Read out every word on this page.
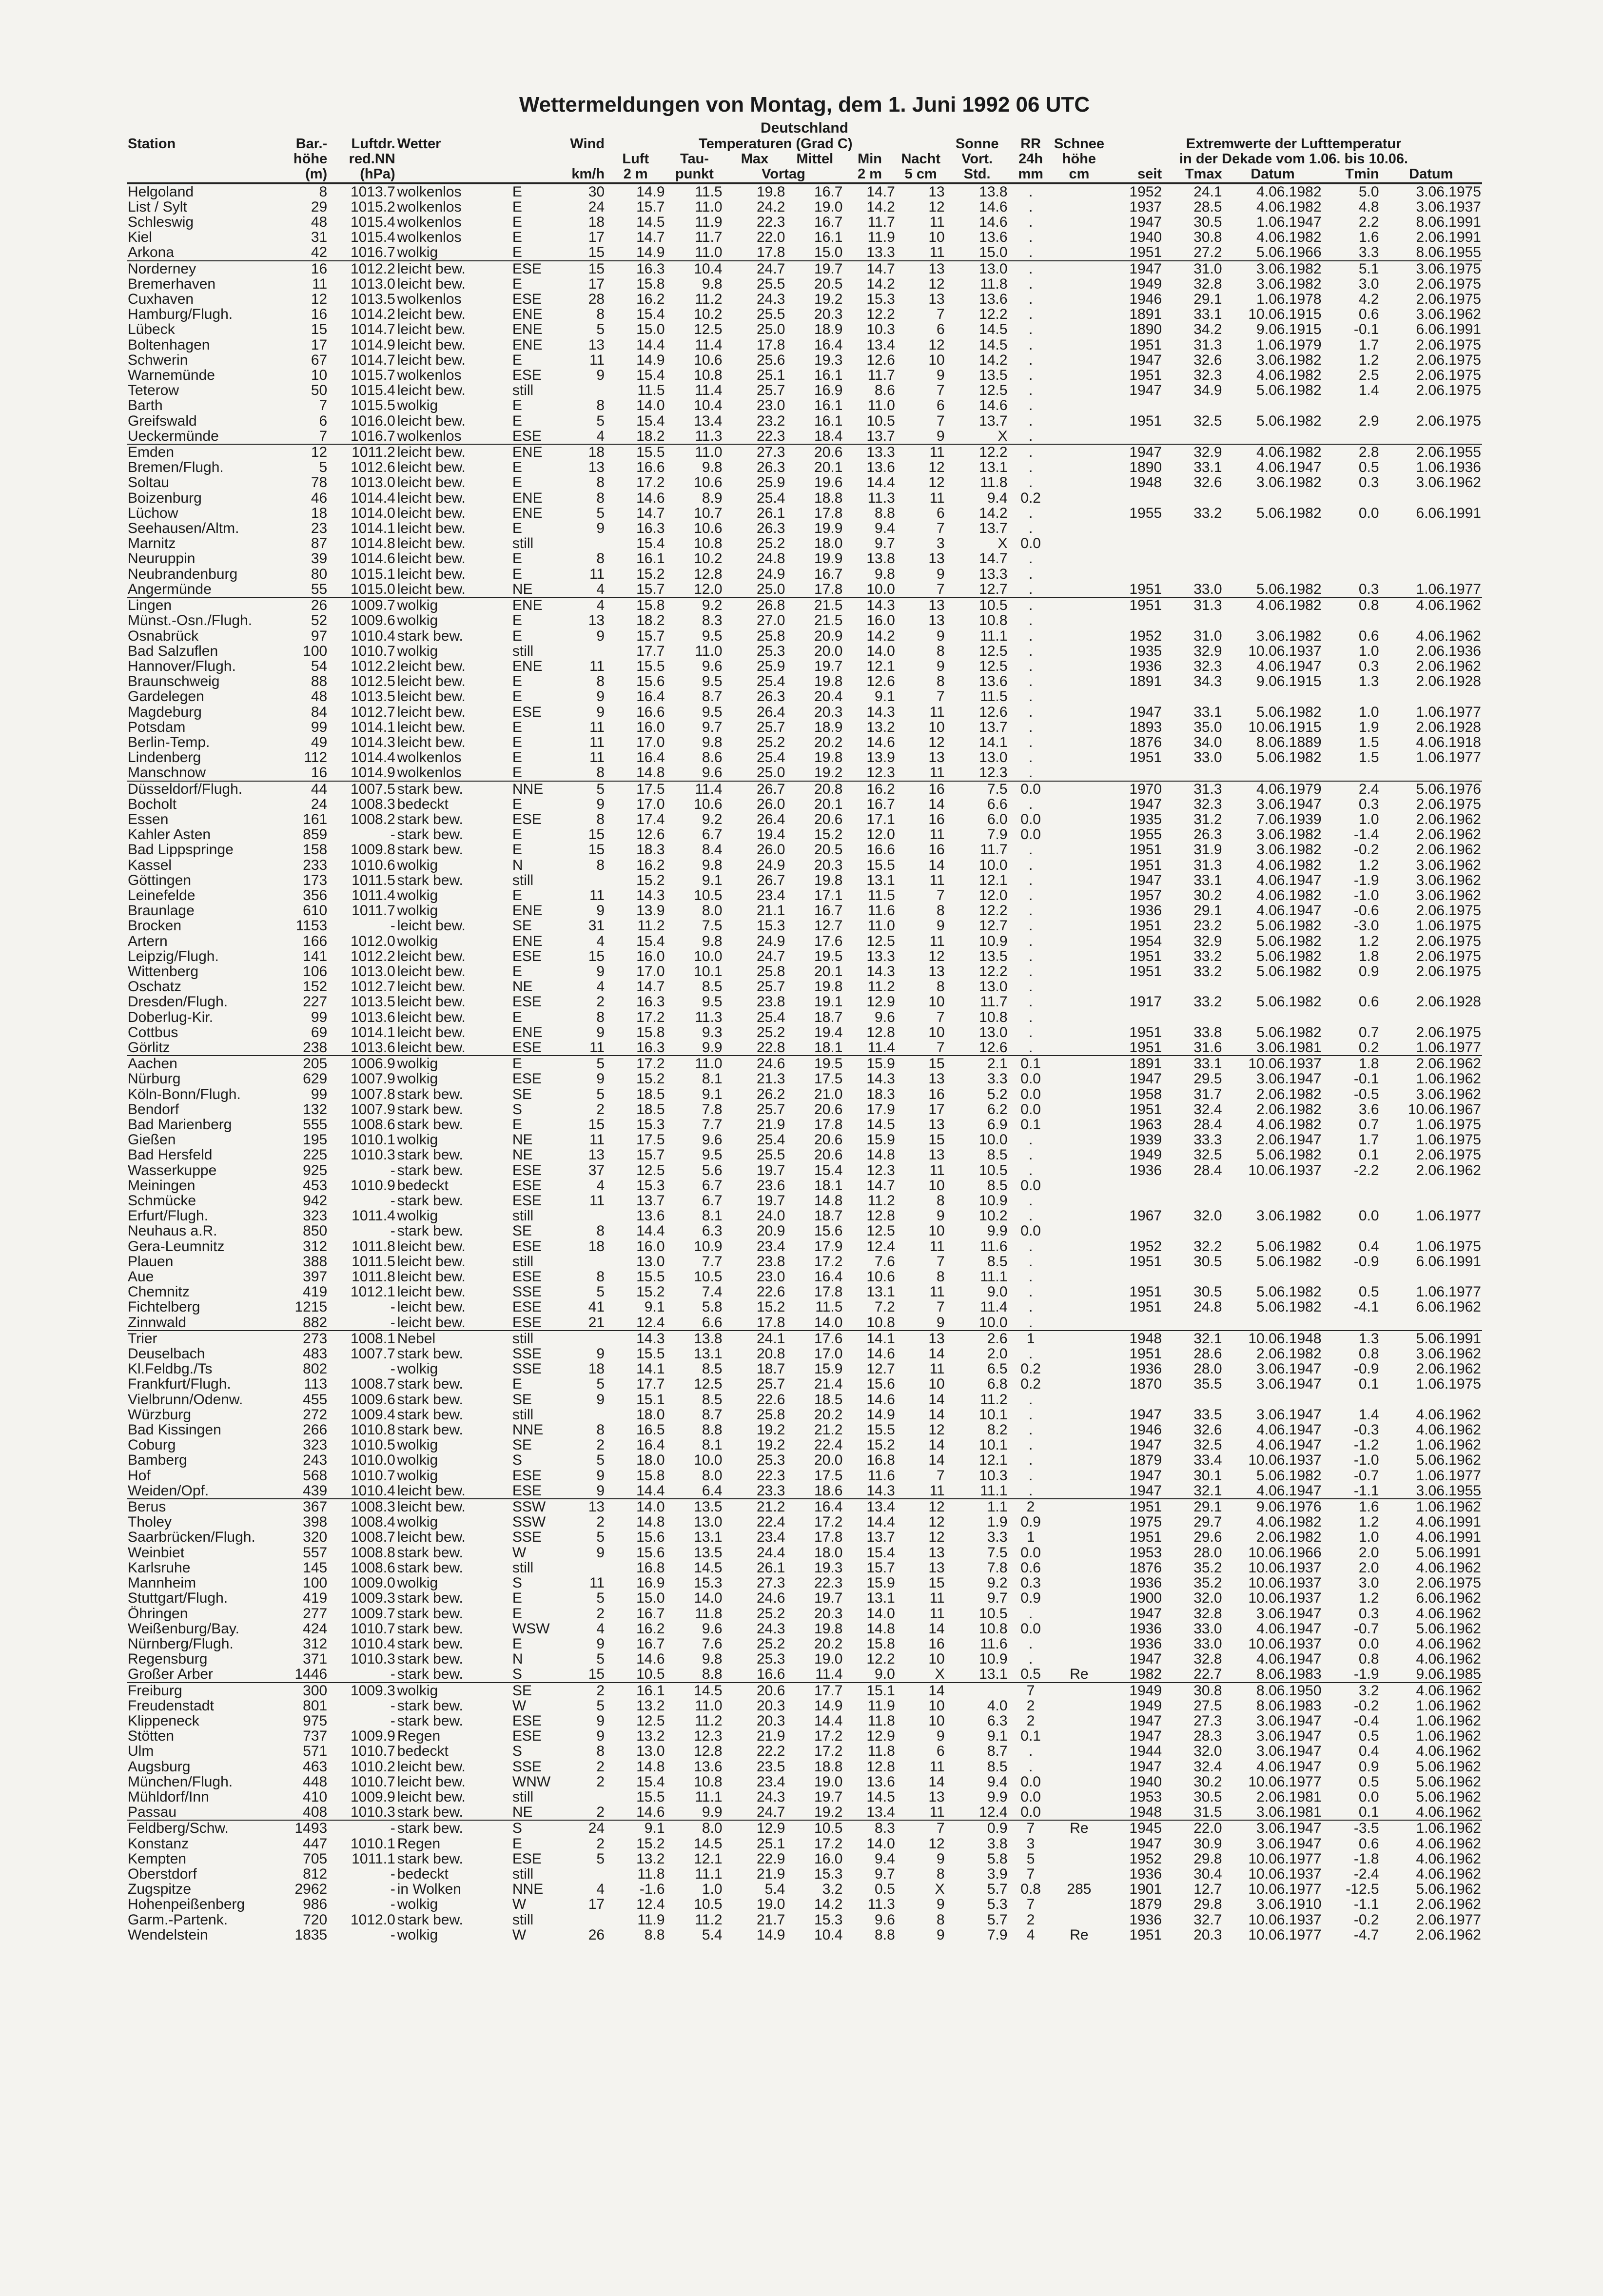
Wettermeldungen von Montag, dem 1. Juni 1992 06 UTC
Deutschland
Station	Bar.-	Luftdr.	Wetter	Wind		Temperaturen (Grad C)						Sonne	RR	Schnee	Extremwerte der Lufttemperatur				
	höhe	red.NN				Luft	Tau-	Max	Mittel	Min	Nacht	Vort.	24h	höhe	in der Dekade vom 1.06. bis 10.06.				
	(m)	(hPa)			km/h	2 m	punkt	Vortag		2 m	5 cm	Std.	mm	cm	seit	Tmax	Datum	Tmin	Datum
Helgoland	8	1013.7	wolkenlos	E	30	14.9	11.5	19.8	16.7	14.7	13	13.8	.		1952	24.1	4.06.1982	5.0	3.06.1975
List / Sylt	29	1015.2	wolkenlos	E	24	15.7	11.0	24.2	19.0	14.2	12	14.6	.		1937	28.5	4.06.1982	4.8	3.06.1937
Schleswig	48	1015.4	wolkenlos	E	18	14.5	11.9	22.3	16.7	11.7	11	14.6	.		1947	30.5	1.06.1947	2.2	8.06.1991
Kiel	31	1015.4	wolkenlos	E	17	14.7	11.7	22.0	16.1	11.9	10	13.6	.		1940	30.8	4.06.1982	1.6	2.06.1991
Arkona	42	1016.7	wolkig	E	15	14.9	11.0	17.8	15.0	13.3	11	15.0	.		1951	27.2	5.06.1966	3.3	8.06.1955
Norderney	16	1012.2	leicht bew.	ESE	15	16.3	10.4	24.7	19.7	14.7	13	13.0	.		1947	31.0	3.06.1982	5.1	3.06.1975
Bremerhaven	11	1013.0	leicht bew.	E	17	15.8	9.8	25.5	20.5	14.2	12	11.8	.		1949	32.8	3.06.1982	3.0	2.06.1975
Cuxhaven	12	1013.5	wolkenlos	ESE	28	16.2	11.2	24.3	19.2	15.3	13	13.6	.		1946	29.1	1.06.1978	4.2	2.06.1975
Hamburg/Flugh.	16	1014.2	leicht bew.	ENE	8	15.4	10.2	25.5	20.3	12.2	7	12.2	.		1891	33.1	10.06.1915	0.6	3.06.1962
Lübeck	15	1014.7	leicht bew.	ENE	5	15.0	12.5	25.0	18.9	10.3	6	14.5	.		1890	34.2	9.06.1915	-0.1	6.06.1991
Boltenhagen	17	1014.9	leicht bew.	ENE	13	14.4	11.4	17.8	16.4	13.4	12	14.5	.		1951	31.3	1.06.1979	1.7	2.06.1975
Schwerin	67	1014.7	leicht bew.	E	11	14.9	10.6	25.6	19.3	12.6	10	14.2	.		1947	32.6	3.06.1982	1.2	2.06.1975
Warnemünde	10	1015.7	wolkenlos	ESE	9	15.4	10.8	25.1	16.1	11.7	9	13.5	.		1951	32.3	4.06.1982	2.5	2.06.1975
Teterow	50	1015.4	leicht bew.	still		11.5	11.4	25.7	16.9	8.6	7	12.5	.		1947	34.9	5.06.1982	1.4	2.06.1975
Barth	7	1015.5	wolkig	E	8	14.0	10.4	23.0	16.1	11.0	6	14.6	.						
Greifswald	6	1016.0	leicht bew.	E	5	15.4	13.4	23.2	16.1	10.5	7	13.7	.		1951	32.5	5.06.1982	2.9	2.06.1975
Ueckermünde	7	1016.7	wolkenlos	ESE	4	18.2	11.3	22.3	18.4	13.7	9	X	.						
Emden	12	1011.2	leicht bew.	ENE	18	15.5	11.0	27.3	20.6	13.3	11	12.2	.		1947	32.9	4.06.1982	2.8	2.06.1955
Bremen/Flugh.	5	1012.6	leicht bew.	E	13	16.6	9.8	26.3	20.1	13.6	12	13.1	.		1890	33.1	4.06.1947	0.5	1.06.1936
Soltau	78	1013.0	leicht bew.	E	8	17.2	10.6	25.9	19.6	14.4	12	11.8	.		1948	32.6	3.06.1982	0.3	3.06.1962
Boizenburg	46	1014.4	leicht bew.	ENE	8	14.6	8.9	25.4	18.8	11.3	11	9.4	0.2						
Lüchow	18	1014.0	leicht bew.	ENE	5	14.7	10.7	26.1	17.8	8.8	6	14.2	.		1955	33.2	5.06.1982	0.0	6.06.1991
Seehausen/Altm.	23	1014.1	leicht bew.	E	9	16.3	10.6	26.3	19.9	9.4	7	13.7	.						
Marnitz	87	1014.8	leicht bew.	still		15.4	10.8	25.2	18.0	9.7	3	X	0.0						
Neuruppin	39	1014.6	leicht bew.	E	8	16.1	10.2	24.8	19.9	13.8	13	14.7	.						
Neubrandenburg	80	1015.1	leicht bew.	E	11	15.2	12.8	24.9	16.7	9.8	9	13.3	.						
Angermünde	55	1015.0	leicht bew.	NE	4	15.7	12.0	25.0	17.8	10.0	7	12.7	.		1951	33.0	5.06.1982	0.3	1.06.1977
Lingen	26	1009.7	wolkig	ENE	4	15.8	9.2	26.8	21.5	14.3	13	10.5	.		1951	31.3	4.06.1982	0.8	4.06.1962
Münst.-Osn./Flugh.	52	1009.6	wolkig	E	13	18.2	8.3	27.0	21.5	16.0	13	10.8	.						
Osnabrück	97	1010.4	stark bew.	E	9	15.7	9.5	25.8	20.9	14.2	9	11.1	.		1952	31.0	3.06.1982	0.6	4.06.1962
Bad Salzuflen	100	1010.7	wolkig	still		17.7	11.0	25.3	20.0	14.0	8	12.5	.		1935	32.9	10.06.1937	1.0	2.06.1936
Hannover/Flugh.	54	1012.2	leicht bew.	ENE	11	15.5	9.6	25.9	19.7	12.1	9	12.5	.		1936	32.3	4.06.1947	0.3	2.06.1962
Braunschweig	88	1012.5	leicht bew.	E	8	15.6	9.5	25.4	19.8	12.6	8	13.6	.		1891	34.3	9.06.1915	1.3	2.06.1928
Gardelegen	48	1013.5	leicht bew.	E	9	16.4	8.7	26.3	20.4	9.1	7	11.5	.						
Magdeburg	84	1012.7	leicht bew.	ESE	9	16.6	9.5	26.4	20.3	14.3	11	12.6	.		1947	33.1	5.06.1982	1.0	1.06.1977
Potsdam	99	1014.1	leicht bew.	E	11	16.0	9.7	25.7	18.9	13.2	10	13.7	.		1893	35.0	10.06.1915	1.9	2.06.1928
Berlin-Temp.	49	1014.3	leicht bew.	E	11	17.0	9.8	25.2	20.2	14.6	12	14.1	.		1876	34.0	8.06.1889	1.5	4.06.1918
Lindenberg	112	1014.4	wolkenlos	E	11	16.4	8.6	25.4	19.8	13.9	13	13.0	.		1951	33.0	5.06.1982	1.5	1.06.1977
Manschnow	16	1014.9	wolkenlos	E	8	14.8	9.6	25.0	19.2	12.3	11	12.3	.						
Düsseldorf/Flugh.	44	1007.5	stark bew.	NNE	5	17.5	11.4	26.7	20.8	16.2	16	7.5	0.0		1970	31.3	4.06.1979	2.4	5.06.1976
Bocholt	24	1008.3	bedeckt	E	9	17.0	10.6	26.0	20.1	16.7	14	6.6	.		1947	32.3	3.06.1947	0.3	2.06.1975
Essen	161	1008.2	stark bew.	ESE	8	17.4	9.2	26.4	20.6	17.1	16	6.0	0.0		1935	31.2	7.06.1939	1.0	2.06.1962
Kahler Asten	859	-	stark bew.	E	15	12.6	6.7	19.4	15.2	12.0	11	7.9	0.0		1955	26.3	3.06.1982	-1.4	2.06.1962
Bad Lippspringe	158	1009.8	stark bew.	E	15	18.3	8.4	26.0	20.5	16.6	16	11.7	.		1951	31.9	3.06.1982	-0.2	2.06.1962
Kassel	233	1010.6	wolkig	N	8	16.2	9.8	24.9	20.3	15.5	14	10.0	.		1951	31.3	4.06.1982	1.2	3.06.1962
Göttingen	173	1011.5	stark bew.	still		15.2	9.1	26.7	19.8	13.1	11	12.1	.		1947	33.1	4.06.1947	-1.9	3.06.1962
Leinefelde	356	1011.4	wolkig	E	11	14.3	10.5	23.4	17.1	11.5	7	12.0	.		1957	30.2	4.06.1982	-1.0	3.06.1962
Braunlage	610	1011.7	wolkig	ENE	9	13.9	8.0	21.1	16.7	11.6	8	12.2	.		1936	29.1	4.06.1947	-0.6	2.06.1975
Brocken	1153	-	leicht bew.	SE	31	11.2	7.5	15.3	12.7	11.0	9	12.7	.		1951	23.2	5.06.1982	-3.0	1.06.1975
Artern	166	1012.0	wolkig	ENE	4	15.4	9.8	24.9	17.6	12.5	11	10.9	.		1954	32.9	5.06.1982	1.2	2.06.1975
Leipzig/Flugh.	141	1012.2	leicht bew.	ESE	15	16.0	10.0	24.7	19.5	13.3	12	13.5	.		1951	33.2	5.06.1982	1.8	2.06.1975
Wittenberg	106	1013.0	leicht bew.	E	9	17.0	10.1	25.8	20.1	14.3	13	12.2	.		1951	33.2	5.06.1982	0.9	2.06.1975
Oschatz	152	1012.7	leicht bew.	NE	4	14.7	8.5	25.7	19.8	11.2	8	13.0	.						
Dresden/Flugh.	227	1013.5	leicht bew.	ESE	2	16.3	9.5	23.8	19.1	12.9	10	11.7	.		1917	33.2	5.06.1982	0.6	2.06.1928
Doberlug-Kir.	99	1013.6	leicht bew.	E	8	17.2	11.3	25.4	18.7	9.6	7	10.8	.						
Cottbus	69	1014.1	leicht bew.	ENE	9	15.8	9.3	25.2	19.4	12.8	10	13.0	.		1951	33.8	5.06.1982	0.7	2.06.1975
Görlitz	238	1013.6	leicht bew.	ESE	11	16.3	9.9	22.8	18.1	11.4	7	12.6	.		1951	31.6	3.06.1981	0.2	1.06.1977
Aachen	205	1006.9	wolkig	E	5	17.2	11.0	24.6	19.5	15.9	15	2.1	0.1		1891	33.1	10.06.1937	1.8	2.06.1962
Nürburg	629	1007.9	wolkig	ESE	9	15.2	8.1	21.3	17.5	14.3	13	3.3	0.0		1947	29.5	3.06.1947	-0.1	1.06.1962
Köln-Bonn/Flugh.	99	1007.8	stark bew.	SE	5	18.5	9.1	26.2	21.0	18.3	16	5.2	0.0		1958	31.7	2.06.1982	-0.5	3.06.1962
Bendorf	132	1007.9	stark bew.	S	2	18.5	7.8	25.7	20.6	17.9	17	6.2	0.0		1951	32.4	2.06.1982	3.6	10.06.1967
Bad Marienberg	555	1008.6	stark bew.	E	15	15.3	7.7	21.9	17.8	14.5	13	6.9	0.1		1963	28.4	4.06.1982	0.7	1.06.1975
Gießen	195	1010.1	wolkig	NE	11	17.5	9.6	25.4	20.6	15.9	15	10.0	.		1939	33.3	2.06.1947	1.7	1.06.1975
Bad Hersfeld	225	1010.3	stark bew.	NE	13	15.7	9.5	25.5	20.6	14.8	13	8.5	.		1949	32.5	5.06.1982	0.1	2.06.1975
Wasserkuppe	925	-	stark bew.	ESE	37	12.5	5.6	19.7	15.4	12.3	11	10.5	.		1936	28.4	10.06.1937	-2.2	2.06.1962
Meiningen	453	1010.9	bedeckt	ESE	4	15.3	6.7	23.6	18.1	14.7	10	8.5	0.0						
Schmücke	942	-	stark bew.	ESE	11	13.7	6.7	19.7	14.8	11.2	8	10.9	.						
Erfurt/Flugh.	323	1011.4	wolkig	still		13.6	8.1	24.0	18.7	12.8	9	10.2	.		1967	32.0	3.06.1982	0.0	1.06.1977
Neuhaus a.R.	850	-	stark bew.	SE	8	14.4	6.3	20.9	15.6	12.5	10	9.9	0.0						
Gera-Leumnitz	312	1011.8	leicht bew.	ESE	18	16.0	10.9	23.4	17.9	12.4	11	11.6	.		1952	32.2	5.06.1982	0.4	1.06.1975
Plauen	388	1011.5	leicht bew.	still		13.0	7.7	23.8	17.2	7.6	7	8.5	.		1951	30.5	5.06.1982	-0.9	6.06.1991
Aue	397	1011.8	leicht bew.	ESE	8	15.5	10.5	23.0	16.4	10.6	8	11.1	.						
Chemnitz	419	1012.1	leicht bew.	SSE	5	15.2	7.4	22.6	17.8	13.1	11	9.0	.		1951	30.5	5.06.1982	0.5	1.06.1977
Fichtelberg	1215	-	leicht bew.	ESE	41	9.1	5.8	15.2	11.5	7.2	7	11.4	.		1951	24.8	5.06.1982	-4.1	6.06.1962
Zinnwald	882	-	leicht bew.	ESE	21	12.4	6.6	17.8	14.0	10.8	9	10.0	.						
Trier	273	1008.1	Nebel	still		14.3	13.8	24.1	17.6	14.1	13	2.6	1		1948	32.1	10.06.1948	1.3	5.06.1991
Deuselbach	483	1007.7	stark bew.	SSE	9	15.5	13.1	20.8	17.0	14.6	14	2.0	.		1951	28.6	2.06.1982	0.8	3.06.1962
Kl.Feldbg./Ts	802	-	wolkig	SSE	18	14.1	8.5	18.7	15.9	12.7	11	6.5	0.2		1936	28.0	3.06.1947	-0.9	2.06.1962
Frankfurt/Flugh.	113	1008.7	stark bew.	E	5	17.7	12.5	25.7	21.4	15.6	10	6.8	0.2		1870	35.5	3.06.1947	0.1	1.06.1975
Vielbrunn/Odenw.	455	1009.6	stark bew.	SE	9	15.1	8.5	22.6	18.5	14.6	14	11.2	.						
Würzburg	272	1009.4	stark bew.	still		18.0	8.7	25.8	20.2	14.9	14	10.1	.		1947	33.5	3.06.1947	1.4	4.06.1962
Bad Kissingen	266	1010.8	stark bew.	NNE	8	16.5	8.8	19.2	21.2	15.5	12	8.2	.		1946	32.6	4.06.1947	-0.3	4.06.1962
Coburg	323	1010.5	wolkig	SE	2	16.4	8.1	19.2	22.4	15.2	14	10.1	.		1947	32.5	4.06.1947	-1.2	1.06.1962
Bamberg	243	1010.0	wolkig	S	5	18.0	10.0	25.3	20.0	16.8	14	12.1	.		1879	33.4	10.06.1937	-1.0	5.06.1962
Hof	568	1010.7	wolkig	ESE	9	15.8	8.0	22.3	17.5	11.6	7	10.3	.		1947	30.1	5.06.1982	-0.7	1.06.1977
Weiden/Opf.	439	1010.4	leicht bew.	ESE	9	14.4	6.4	23.3	18.6	14.3	11	11.1	.		1947	32.1	4.06.1947	-1.1	3.06.1955
Berus	367	1008.3	leicht bew.	SSW	13	14.0	13.5	21.2	16.4	13.4	12	1.1	2		1951	29.1	9.06.1976	1.6	1.06.1962
Tholey	398	1008.4	wolkig	SSW	2	14.8	13.0	22.4	17.2	14.4	12	1.9	0.9		1975	29.7	4.06.1982	1.2	4.06.1991
Saarbrücken/Flugh.	320	1008.7	leicht bew.	SSE	5	15.6	13.1	23.4	17.8	13.7	12	3.3	1		1951	29.6	2.06.1982	1.0	4.06.1991
Weinbiet	557	1008.8	stark bew.	W	9	15.6	13.5	24.4	18.0	15.4	13	7.5	0.0		1953	28.0	10.06.1966	2.0	5.06.1991
Karlsruhe	145	1008.6	stark bew.	still		16.8	14.5	26.1	19.3	15.7	13	7.8	0.6		1876	35.2	10.06.1937	2.0	4.06.1962
Mannheim	100	1009.0	wolkig	S	11	16.9	15.3	27.3	22.3	15.9	15	9.2	0.3		1936	35.2	10.06.1937	3.0	2.06.1975
Stuttgart/Flugh.	419	1009.3	stark bew.	E	5	15.0	14.0	24.6	19.7	13.1	11	9.7	0.9		1900	32.0	10.06.1937	1.2	6.06.1962
Öhringen	277	1009.7	stark bew.	E	2	16.7	11.8	25.2	20.3	14.0	11	10.5	.		1947	32.8	3.06.1947	0.3	4.06.1962
Weißenburg/Bay.	424	1010.7	stark bew.	WSW	4	16.2	9.6	24.3	19.8	14.8	14	10.8	0.0		1936	33.0	4.06.1947	-0.7	5.06.1962
Nürnberg/Flugh.	312	1010.4	stark bew.	E	9	16.7	7.6	25.2	20.2	15.8	16	11.6	.		1936	33.0	10.06.1937	0.0	4.06.1962
Regensburg	371	1010.3	stark bew.	N	5	14.6	9.8	25.3	19.0	12.2	10	10.9	.		1947	32.8	4.06.1947	0.8	4.06.1962
Großer Arber	1446	-	stark bew.	S	15	10.5	8.8	16.6	11.4	9.0	X	13.1	0.5	Re	1982	22.7	8.06.1983	-1.9	9.06.1985
Freiburg	300	1009.3	wolkig	SE	2	16.1	14.5	20.6	17.7	15.1	14		7		1949	30.8	8.06.1950	3.2	4.06.1962
Freudenstadt	801	-	stark bew.	W	5	13.2	11.0	20.3	14.9	11.9	10	4.0	2		1949	27.5	8.06.1983	-0.2	1.06.1962
Klippeneck	975	-	stark bew.	ESE	9	12.5	11.2	20.3	14.4	11.8	10	6.3	2		1947	27.3	3.06.1947	-0.4	1.06.1962
Stötten	737	1009.9	Regen	ESE	9	13.2	12.3	21.9	17.2	12.9	9	9.1	0.1		1947	28.3	3.06.1947	0.5	1.06.1962
Ulm	571	1010.7	bedeckt	S	8	13.0	12.8	22.2	17.2	11.8	6	8.7	.		1944	32.0	3.06.1947	0.4	4.06.1962
Augsburg	463	1010.2	leicht bew.	SSE	2	14.8	13.6	23.5	18.8	12.8	11	8.5	.		1947	32.4	4.06.1947	0.9	5.06.1962
München/Flugh.	448	1010.7	leicht bew.	WNW	2	15.4	10.8	23.4	19.0	13.6	14	9.4	0.0		1940	30.2	10.06.1977	0.5	5.06.1962
Mühldorf/Inn	410	1009.9	leicht bew.	still		15.5	11.1	24.3	19.7	14.5	13	9.9	0.0		1953	30.5	2.06.1981	0.0	5.06.1962
Passau	408	1010.3	stark bew.	NE	2	14.6	9.9	24.7	19.2	13.4	11	12.4	0.0		1948	31.5	3.06.1981	0.1	4.06.1962
Feldberg/Schw.	1493	-	stark bew.	S	24	9.1	8.0	12.9	10.5	8.3	7	0.9	7	Re	1945	22.0	3.06.1947	-3.5	1.06.1962
Konstanz	447	1010.1	Regen	E	2	15.2	14.5	25.1	17.2	14.0	12	3.8	3		1947	30.9	3.06.1947	0.6	4.06.1962
Kempten	705	1011.1	stark bew.	ESE	5	13.2	12.1	22.9	16.0	9.4	9	5.8	5		1952	29.8	10.06.1977	-1.8	4.06.1962
Oberstdorf	812	-	bedeckt	still		11.8	11.1	21.9	15.3	9.7	8	3.9	7		1936	30.4	10.06.1937	-2.4	4.06.1962
Zugspitze	2962	-	in Wolken	NNE	4	-1.6	1.0	5.4	3.2	0.5	X	5.7	0.8	285	1901	12.7	10.06.1977	-12.5	5.06.1962
Hohenpeißenberg	986	-	wolkig	W	17	12.4	10.5	19.0	14.2	11.3	9	5.3	7		1879	29.8	3.06.1910	-1.1	2.06.1962
Garm.-Partenk.	720	1012.0	stark bew.	still		11.9	11.2	21.7	15.3	9.6	8	5.7	2		1936	32.7	10.06.1937	-0.2	2.06.1977
Wendelstein	1835	-	wolkig	W	26	8.8	5.4	14.9	10.4	8.8	9	7.9	4	Re	1951	20.3	10.06.1977	-4.7	2.06.1962
